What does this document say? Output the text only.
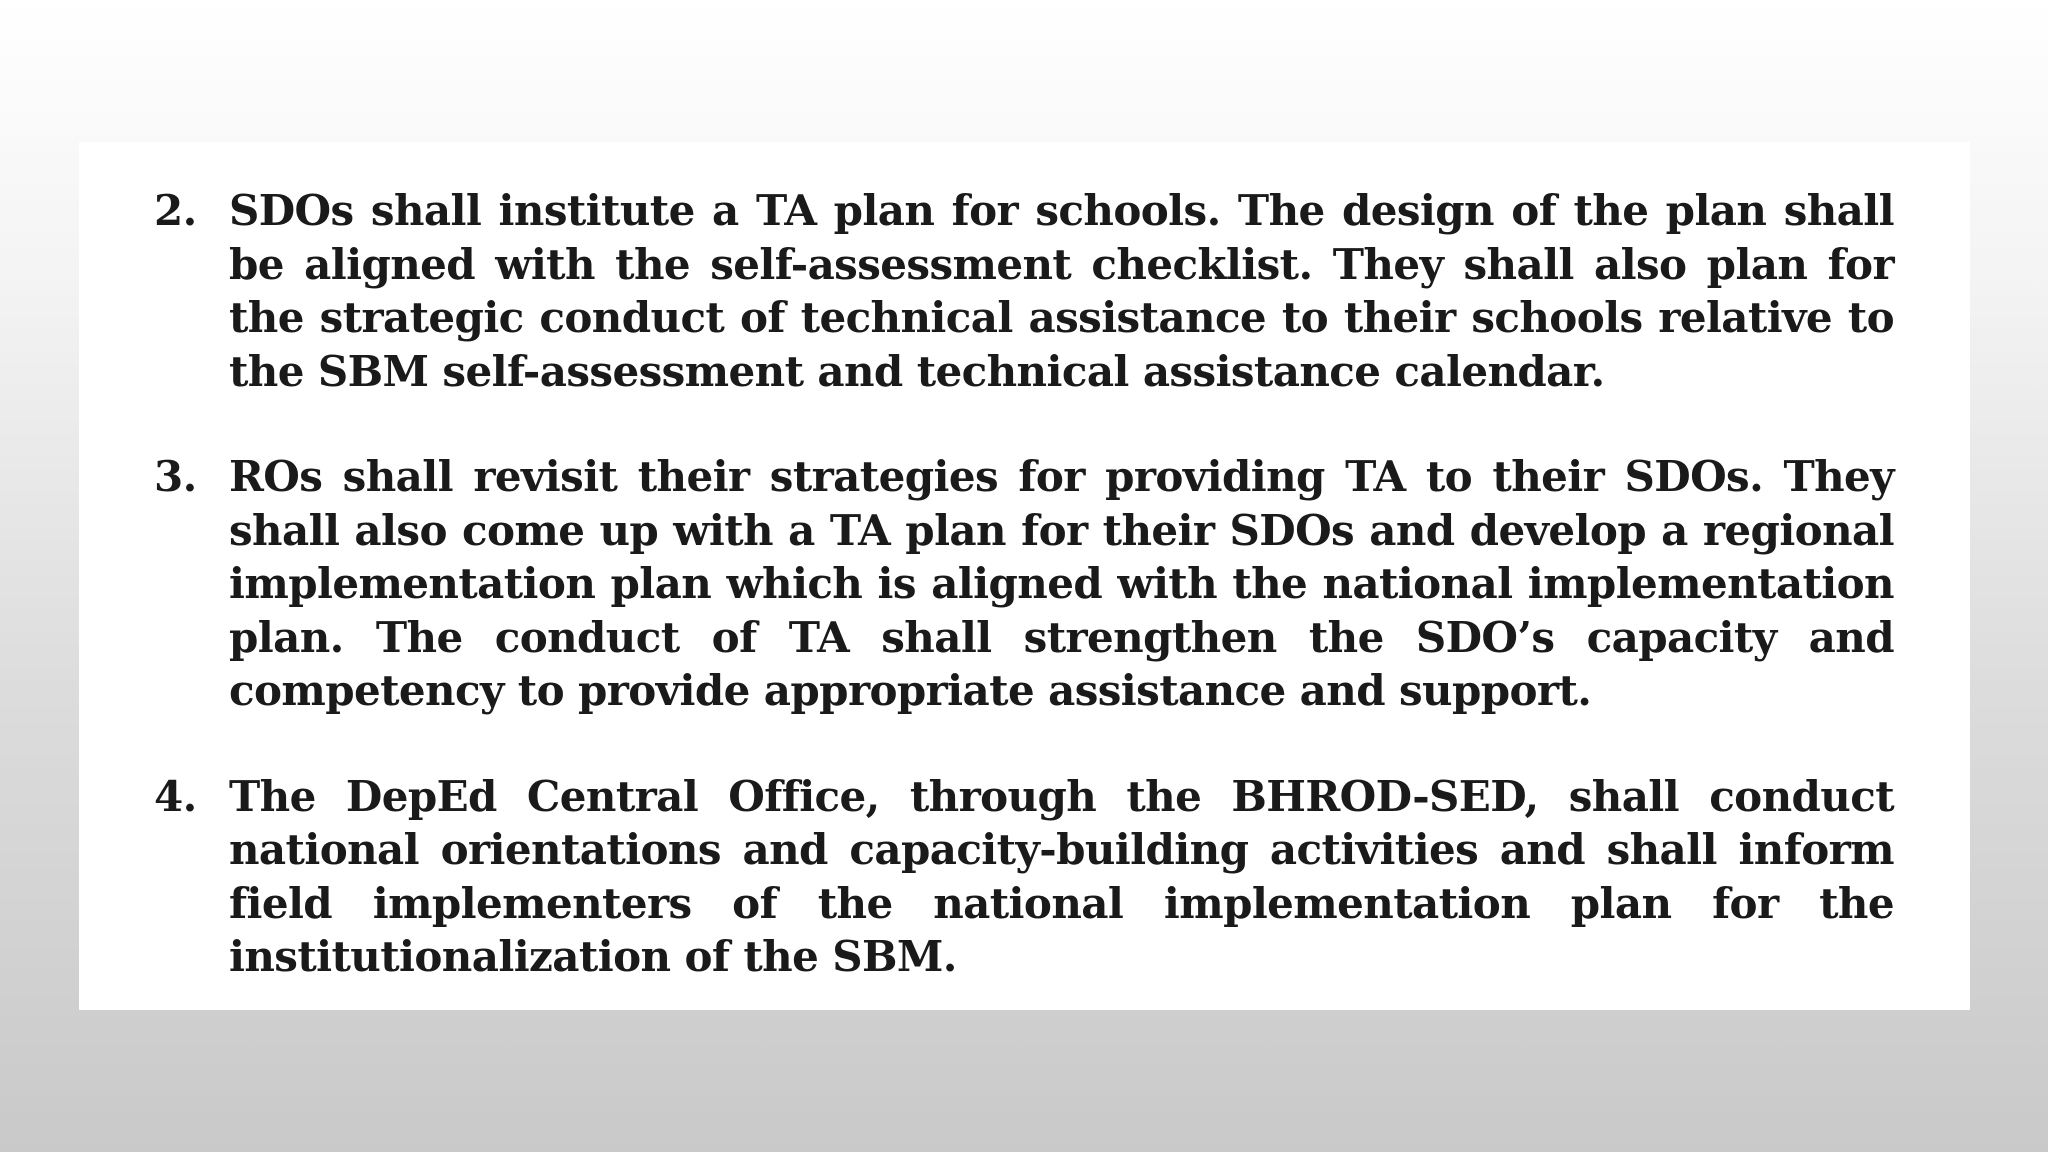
2. SDOs shall institute a TA plan for schools. The design of the plan shall be aligned with the self-assessment checklist. They shall also plan for the strategic conduct of technical assistance to their schools relative to the SBM self-assessment and technical assistance calendar.
3. ROs shall revisit their strategies for providing TA to their SDOs. They shall also come up with a TA plan for their SDOs and develop a regional implementation plan which is aligned with the national implementation plan. The conduct of TA shall strengthen the SDO’s capacity and competency to provide appropriate assistance and support.
4. The DepEd Central Office, through the BHROD-SED, shall conduct national orientations and capacity-building activities and shall inform field implementers of the national implementation plan for the institutionalization of the SBM.
